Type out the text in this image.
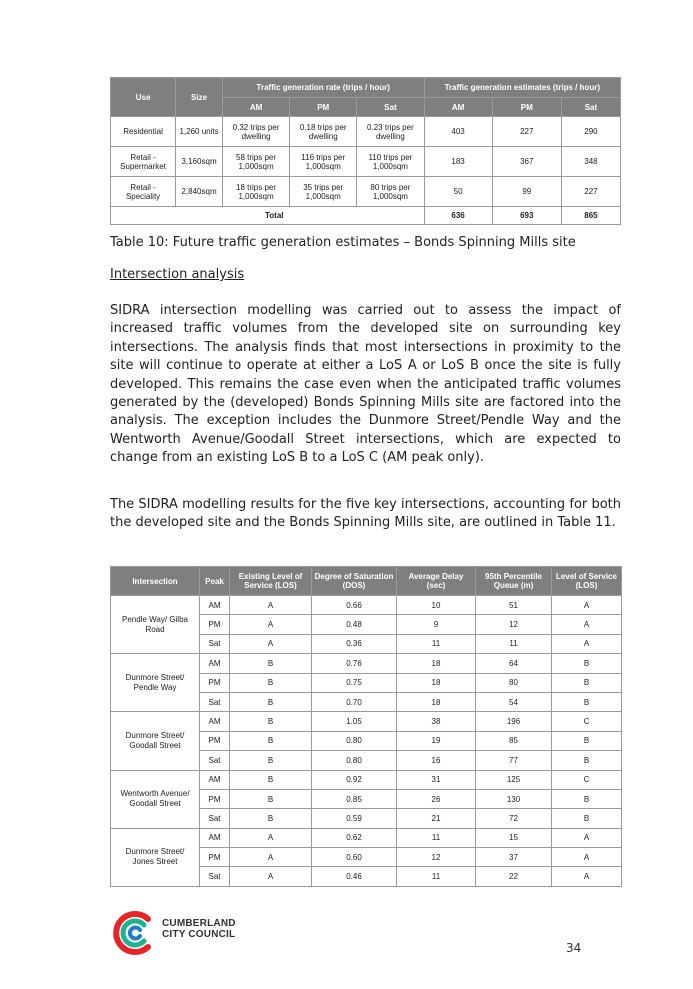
Use	Size	Traffic generation rate (trips / hour)			Traffic generation estimates (trips / hour)		
		AM	PM	Sat	AM	PM	Sat
Residential	1,260 units	0.32 trips per dwelling	0.18 trips per dwelling	0.23 trips per dwelling	403	227	290
Retail - Supermarket	3,160sqm	58 trips per 1,000sqm	116 trips per 1,000sqm	110 trips per 1,000sqm	183	367	348
Retail - Speciality	2,840sqm	18 trips per 1,000sqm	35 trips per 1,000sqm	80 trips per 1,000sqm	50	99	227
Total					636	693	865
Table 10: Future traffic generation estimates – Bonds Spinning Mills site
Intersection analysis

SIDRA intersection modelling was carried out to assess the impact of increased traffic volumes from the developed site on surrounding key intersections. The analysis finds that most intersections in proximity to the site will continue to operate at either a LoS A or LoS B once the site is fully developed. This remains the case even when the anticipated traffic volumes generated by the (developed) Bonds Spinning Mills site are factored into the analysis. The exception includes the Dunmore Street/Pendle Way and the Wentworth Avenue/Goodall Street intersections, which are expected to change from an existing LoS B to a LoS C (AM peak only).

The SIDRA modelling results for the five key intersections, accounting for both the developed site and the Bonds Spinning Mills site, are outlined in Table 11.

Intersection	Peak	Existing Level of Service (LOS)	Degree of Saturation (DOS)	Average Delay (sec)	95th Percentile Queue (m)	Level of Service (LOS)
Pendle Way/ Gilba Road	AM	A	0.66	10	51	A
	PM	A	0.48	9	12	A
	Sat	A	0.36	11	11	A
Dunmore Street/ Pendle Way	AM	B	0.76	18	64	B
	PM	B	0.75	18	80	B
	Sat	B	0.70	18	54	B
Dunmore Street/ Goodall Street	AM	B	1.05	38	196	C
	PM	B	0.80	19	85	B
	Sat	B	0.80	16	77	B
Wentworth Avenue/ Goodall Street	AM	B	0.92	31	125	C
	PM	B	0.85	26	130	B
	Sat	B	0.59	21	72	B
Dunmore Street/ Jones Street	AM	A	0.62	11	15	A
	PM	A	0.60	12	37	A
	Sat	A	0.46	11	22	A
CUMBERLAND
CITY COUNCIL
34
